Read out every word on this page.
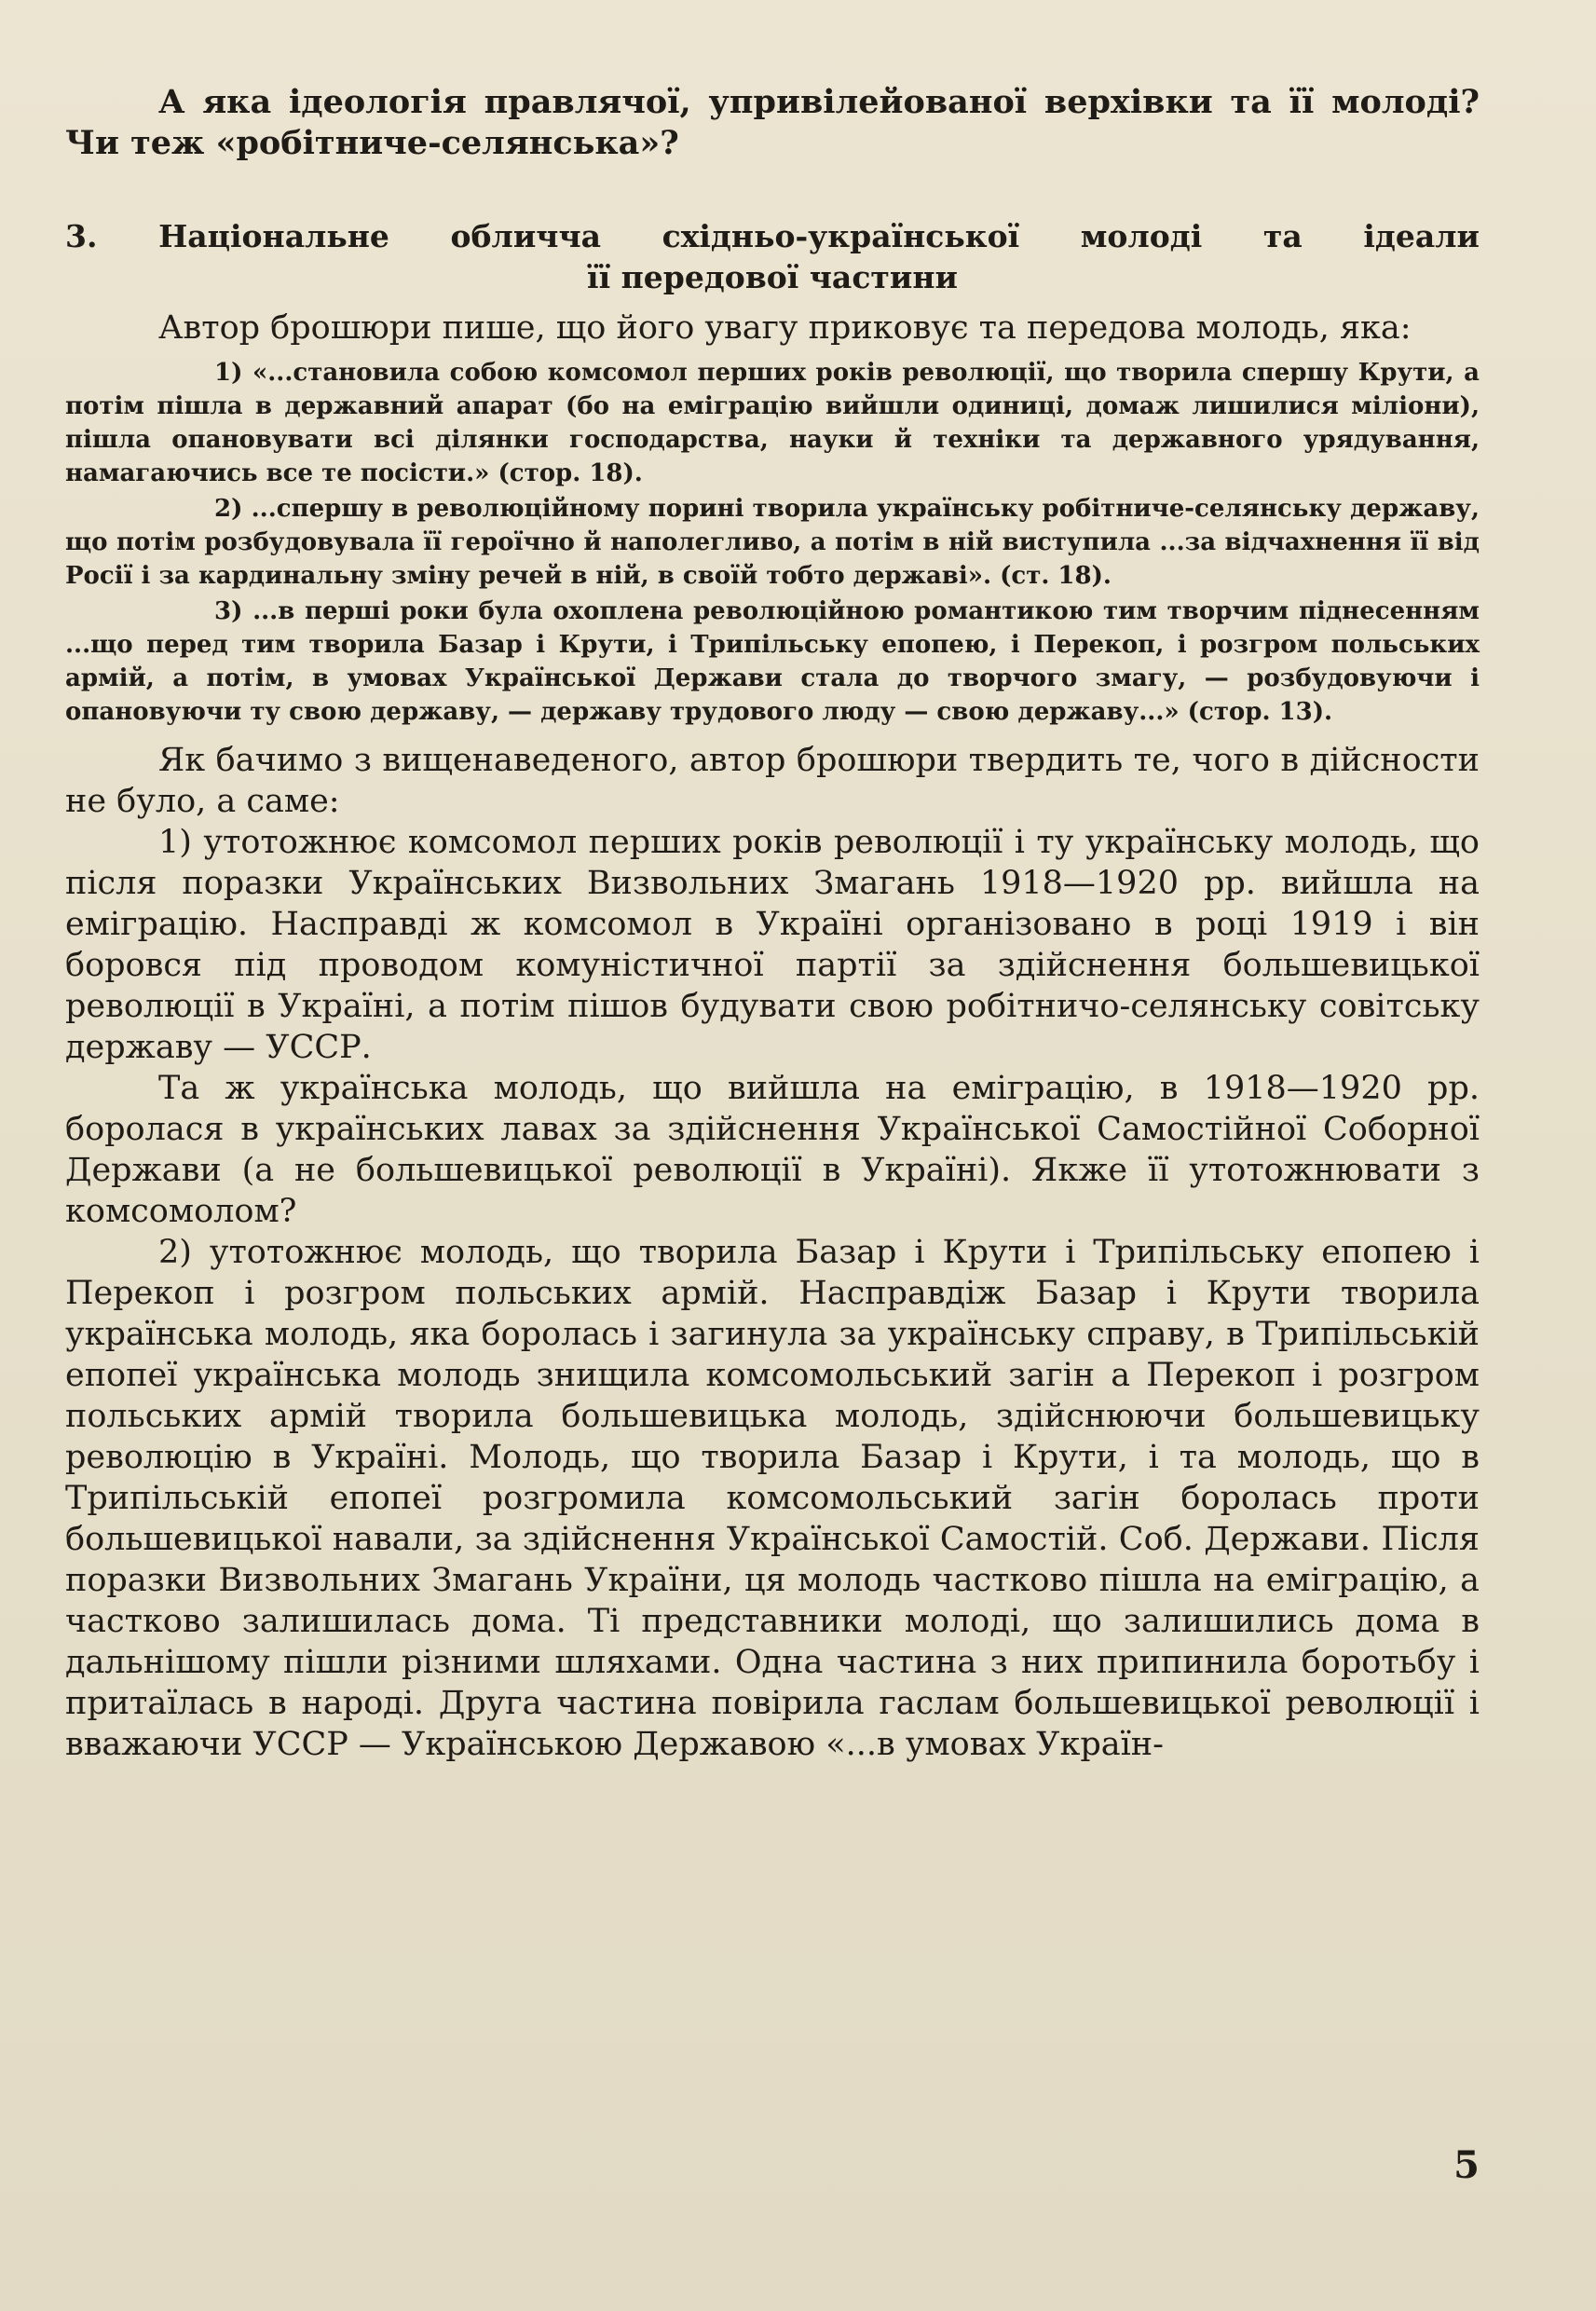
А яка ідеологія правлячої, упривілейованої верхівки та її молоді? Чи теж «робітниче-селянська»?

3. Національне обличча східньо-української молоді та ідеали
її передової частини

Автор брошюри пише, що його увагу приковує та передова молодь, яка:

1) «...становила собою комсомол перших років революції, що творила спершу Крути, а потім пішла в державний апарат (бо на еміграцію вийшли одиниці, домаж лишилися міліони), пішла опановувати всі ділянки господарства, науки й техніки та державного урядування, намагаючись все те посісти.» (стор. 18).

2) ...спершу в революційному порині творила українську робітниче-селянську державу, що потім розбудовувала її героїчно й наполегливо, а потім в ній виступила ...за відчахнення її від Росії і за кардинальну зміну речей в ній, в своїй тобто державі». (ст. 18).

3) ...в перші роки була охоплена революційною романтикою тим творчим піднесенням ...що перед тим творила Базар і Крути, і Трипільську епопею, і Перекоп, і розгром польських армій, а потім, в умовах Української Держави стала до творчого змагу, — розбудовуючи і опановуючи ту свою державу, — державу трудового люду — свою державу...» (стор. 13).

Як бачимо з вищенаведеного, автор брошюри твердить те, чого в дійсности не було, а саме:

1) утотожнює комсомол перших років революції і ту українську молодь, що після поразки Українських Визвольних Змагань 1918—1920 рр. вийшла на еміграцію. Насправді ж комсомол в Україні організовано в році 1919 і він боровся під проводом комуністичної партії за здійснення большевицької революції в Україні, а потім пішов будувати свою робітничо-селянську совітську державу — УССР.

Та ж українська молодь, що вийшла на еміграцію, в 1918—1920 рр. боролася в українських лавах за здійснення Української Самостійної Соборної Держави (а не большевицької революції в Україні). Якже її утотожнювати з комсомолом?

2) утотожнює молодь, що творила Базар і Крути і Трипільську епопею і Перекоп і розгром польських армій. Насправдіж Базар і Крути творила українська молодь, яка боролась і загинула за українську справу, в Трипільській епопеї українська молодь знищила комсомольський загін а Перекоп і розгром польських армій творила большевицька молодь, здійснюючи большевицьку революцію в Україні. Молодь, що творила Базар і Крути, і та молодь, що в Трипільській епопеї розгромила комсомольський загін боролась проти большевицької навали, за здійснення Української Самостій. Соб. Держави. Після поразки Визвольних Змагань України, ця молодь частково пішла на еміграцію, а частково залишилась дома. Ті представники молоді, що залишились дома в дальнішому пішли різними шляхами. Одна частина з них припинила боротьбу і притаїлась в народі. Друга частина повірила гаслам большевицької революції і вважаючи УССР — Українською Державою «...в умовах Україн-

5
